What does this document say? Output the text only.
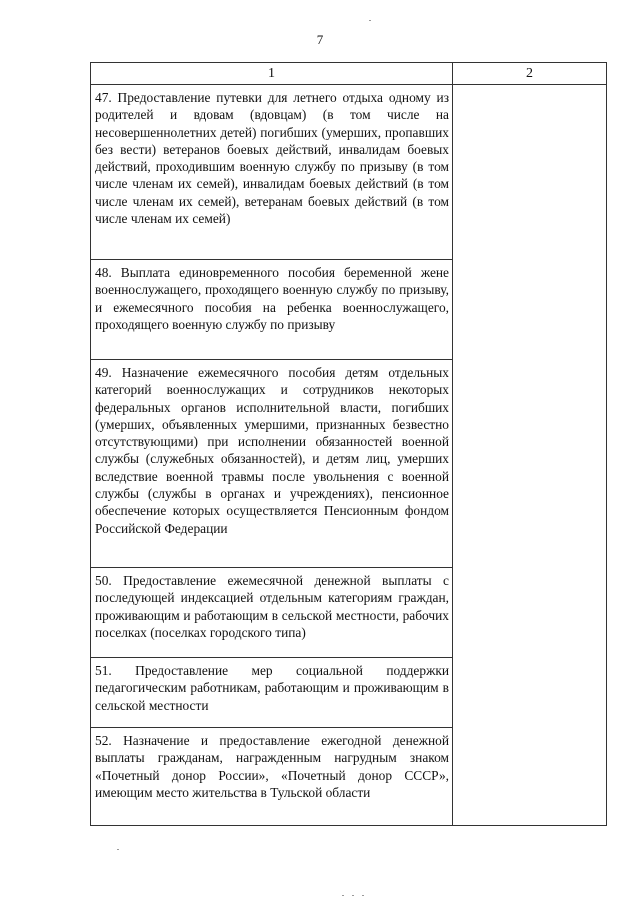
7
1	2
47. Предоставление путевки для летнего отдыха одному из родителей и вдовам (вдовцам) (в том числе на несовершеннолетних детей) погибших (умерших, пропавших без вести) ветеранов боевых действий, инвалидам боевых действий, проходившим военную службу по призыву (в том числе членам их семей), инвалидам боевых действий (в том числе членам их семей), ветеранам боевых действий (в том числе членам их семей)	
48. Выплата единовременного пособия беременной жене военнослужащего, проходящего военную службу по призыву, и ежемесячного пособия на ребенка военнослужащего, проходящего военную службу по призыву	
49. Назначение ежемесячного пособия детям отдельных категорий военнослужащих и сотрудников некоторых федеральных органов исполнительной власти, погибших (умерших, объявленных умершими, признанных безвестно отсутствующими) при исполнении обязанностей военной службы (служебных обязанностей), и детям лиц, умерших вследствие военной травмы после увольнения с военной службы (службы в органах и учреждениях), пенсионное обеспечение которых осуществляется Пенсионным фондом Российской Федерации	
50. Предоставление ежемесячной денежной выплаты с последующей индексацией отдельным категориям граждан, проживающим и работающим в сельской местности, рабочих поселках (поселках городского типа)	
51. Предоставление мер социальной поддержки педагогическим работникам, работающим и проживающим в сельской местности	
52. Назначение и предоставление ежегодной денежной выплаты гражданам, награжденным нагрудным знаком «Почетный донор России», «Почетный донор СССР», имеющим место жительства в Тульской области	
